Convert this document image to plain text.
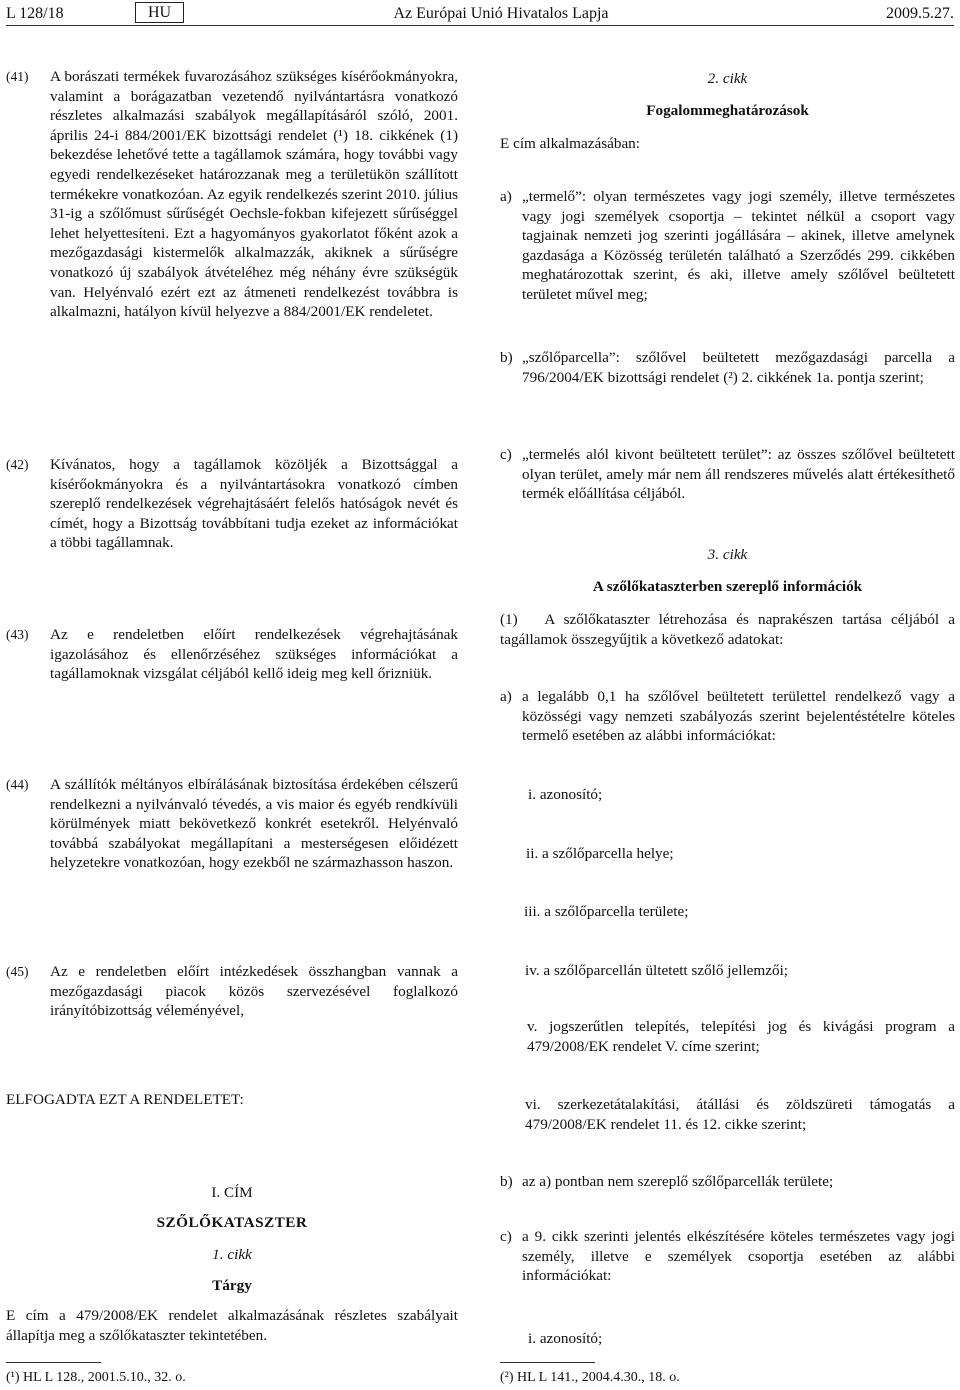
L 128/18	HU	Az Európai Unió Hivatalos Lapja	2009.5.27.
(41) A borászati termékek fuvarozásához szükséges kísérőokmányokra, valamint a borágazatban vezetendő nyilvántartásra vonatkozó részletes alkalmazási szabályok megállapításáról szóló, 2001. április 24-i 884/2001/EK bizottsági rendelet (¹) 18. cikkének (1) bekezdése lehetővé tette a tagállamok számára, hogy további vagy egyedi rendelkezéseket határozzanak meg a területükön szállított termékekre vonatkozóan. Az egyik rendelkezés szerint 2010. július 31-ig a szőlőmust sűrűségét Oechsle-fokban kifejezett sűrűséggel lehet helyettesíteni. Ezt a hagyományos gyakorlatot főként azok a mezőgazdasági kistermelők alkalmazzák, akiknek a sűrűségre vonatkozó új szabályok átvételéhez még néhány évre szükségük van. Helyénvaló ezért ezt az átmeneti rendelkezést továbbra is alkalmazni, hatályon kívül helyezve a 884/2001/EK rendeletet.
(42) Kívánatos, hogy a tagállamok közöljék a Bizottsággal a kísérőokmányokra és a nyilvántartásokra vonatkozó címben szereplő rendelkezések végrehajtásáért felelős hatóságok nevét és címét, hogy a Bizottság továbbítani tudja ezeket az információkat a többi tagállamnak.
(43) Az e rendeletben előírt rendelkezések végrehajtásának igazolásához és ellenőrzéséhez szükséges információkat a tagállamoknak vizsgálat céljából kellő ideig meg kell őrizniük.
(44) A szállítók méltányos elbírálásának biztosítása érdekében célszerű rendelkezni a nyilvánvaló tévedés, a vis maior és egyéb rendkívüli körülmények miatt bekövetkező konkrét esetekről. Helyénvaló továbbá szabályokat megállapítani a mesterségesen előidézett helyzetekre vonatkozóan, hogy ezekből ne származhasson haszon.
(45) Az e rendeletben előírt intézkedések összhangban vannak a mezőgazdasági piacok közös szervezésével foglalkozó irányítóbizottság véleményével,
ELFOGADTA EZT A RENDELETET:
I. CÍM
SZŐLŐKATASZTER
1. cikk
Tárgy
E cím a 479/2008/EK rendelet alkalmazásának részletes szabályait állapítja meg a szőlőkataszter tekintetében.
(¹) HL L 128., 2001.5.10., 32. o.
2. cikk
Fogalommeghatározások
E cím alkalmazásában:
a) „termelő”: olyan természetes vagy jogi személy, illetve természetes vagy jogi személyek csoportja – tekintet nélkül a csoport vagy tagjainak nemzeti jog szerinti jogállására – akinek, illetve amelynek gazdasága a Közösség területén található a Szerződés 299. cikkében meghatározottak szerint, és aki, illetve amely szőlővel beültetett területet művel meg;
b) „szőlőparcella”: szőlővel beültetett mezőgazdasági parcella a 796/2004/EK bizottsági rendelet (²) 2. cikkének 1a. pontja szerint;
c) „termelés alól kivont beültetett terület”: az összes szőlővel beültetett olyan terület, amely már nem áll rendszeres művelés alatt értékesíthető termék előállítása céljából.
3. cikk
A szőlőkataszterben szereplő információk
(1)   A szőlőkataszter létrehozása és naprakészen tartása céljából a tagállamok összegyűjtik a következő adatokat:
a) a legalább 0,1 ha szőlővel beültetett területtel rendelkező vagy a közösségi vagy nemzeti szabályozás szerint bejelentéstételre köteles termelő esetében az alábbi információkat:
i. azonosító;
ii. a szőlőparcella helye;
iii. a szőlőparcella területe;
iv. a szőlőparcellán ültetett szőlő jellemzői;
v. jogszerűtlen telepítés, telepítési jog és kivágási program a 479/2008/EK rendelet V. címe szerint;
vi. szerkezetátalakítási, átállási és zöldszüreti támogatás a 479/2008/EK rendelet 11. és 12. cikke szerint;
b) az a) pontban nem szereplő szőlőparcellák területe;
c) a 9. cikk szerinti jelentés elkészítésére köteles természetes vagy jogi személy, illetve e személyek csoportja esetében az alábbi információkat:
i. azonosító;
(²) HL L 141., 2004.4.30., 18. o.
